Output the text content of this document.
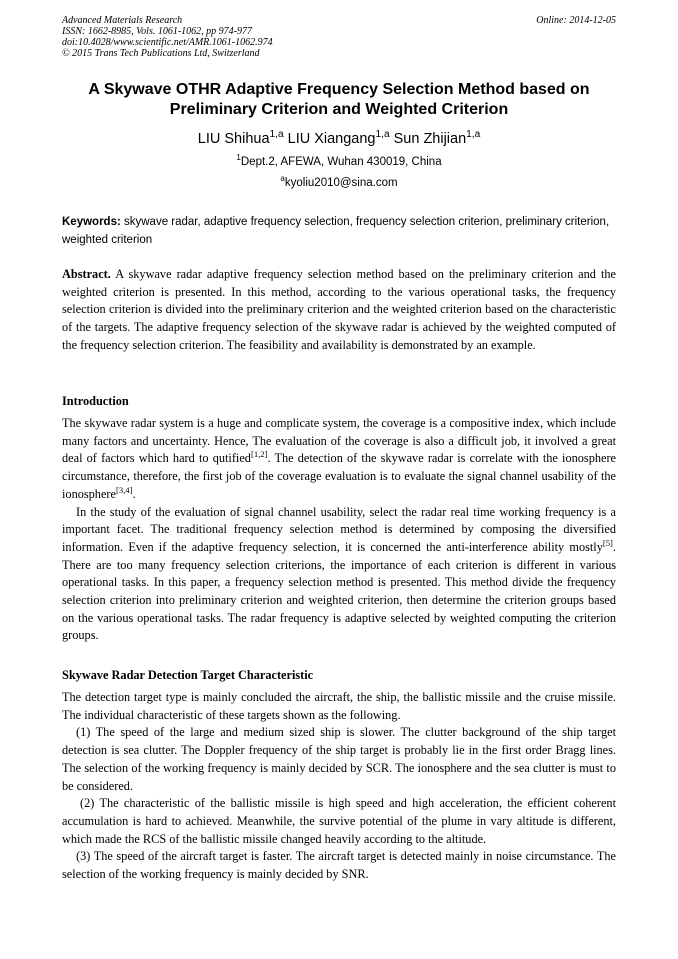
Advanced Materials Research
ISSN: 1662-8985, Vols. 1061-1062, pp 974-977
doi:10.4028/www.scientific.net/AMR.1061-1062.974
© 2015 Trans Tech Publications Ltd, Switzerland
Online: 2014-12-05
A Skywave OTHR Adaptive Frequency Selection Method based on Preliminary Criterion and Weighted Criterion
LIU Shihua$^{1,a}$ LIU Xiangang$^{1,a}$ Sun Zhijian$^{1,a}$
$^1$Dept.2, AFEWA, Wuhan 430019, China
$^a$kyoliu2010@sina.com
Keywords: skywave radar, adaptive frequency selection, frequency selection criterion, preliminary criterion, weighted criterion

Abstract. A skywave radar adaptive frequency selection method based on the preliminary criterion and the weighted criterion is presented. In this method, according to the various operational tasks, the frequency selection criterion is divided into the preliminary criterion and the weighted criterion based on the characteristic of the targets. The adaptive frequency selection of the skywave radar is achieved by the weighted computed of the frequency selection criterion. The feasibility and availability is demonstrated by an example.

Introduction

The skywave radar system is a huge and complicate system, the coverage is a compositive index, which include many factors and uncertainty. Hence, The evaluation of the coverage is also a difficult job, it involved a great deal of factors which hard to qutified[1,2]. The detection of the skywave radar is correlate with the ionosphere circumstance, therefore, the first job of the coverage evaluation is to evaluate the signal channel usability of the ionosphere[3,4].

In the study of the evaluation of signal channel usability, select the radar real time working frequency is a important facet. The traditional frequency selection method is determined by composing the diversified information. Even if the adaptive frequency selection, it is concerned the anti-interference ability mostly[5]. There are too many frequency selection criterions, the importance of each criterion is different in various operational tasks. In this paper, a frequency selection method is presented. This method divide the frequency selection criterion into preliminary criterion and weighted criterion, then determine the criterion groups based on the various operational tasks. The radar frequency is adaptive selected by weighted computing the criterion groups.

Skywave Radar Detection Target Characteristic

The detection target type is mainly concluded the aircraft, the ship, the ballistic missile and the cruise missile. The individual characteristic of these targets shown as the following.

(1) The speed of the large and medium sized ship is slower. The clutter background of the ship target detection is sea clutter. The Doppler frequency of the ship target is probably lie in the first order Bragg lines. The selection of the working frequency is mainly decided by SCR. The ionosphere and the sea clutter is must to be considered.

(2) The characteristic of the ballistic missile is high speed and high acceleration, the efficient coherent accumulation is hard to achieved. Meanwhile, the survive potential of the plume in vary altitude is different, which made the RCS of the ballistic missile changed heavily according to the altitude.

(3) The speed of the aircraft target is faster. The aircraft target is detected mainly in noise circumstance. The selection of the working frequency is mainly decided by SNR.
